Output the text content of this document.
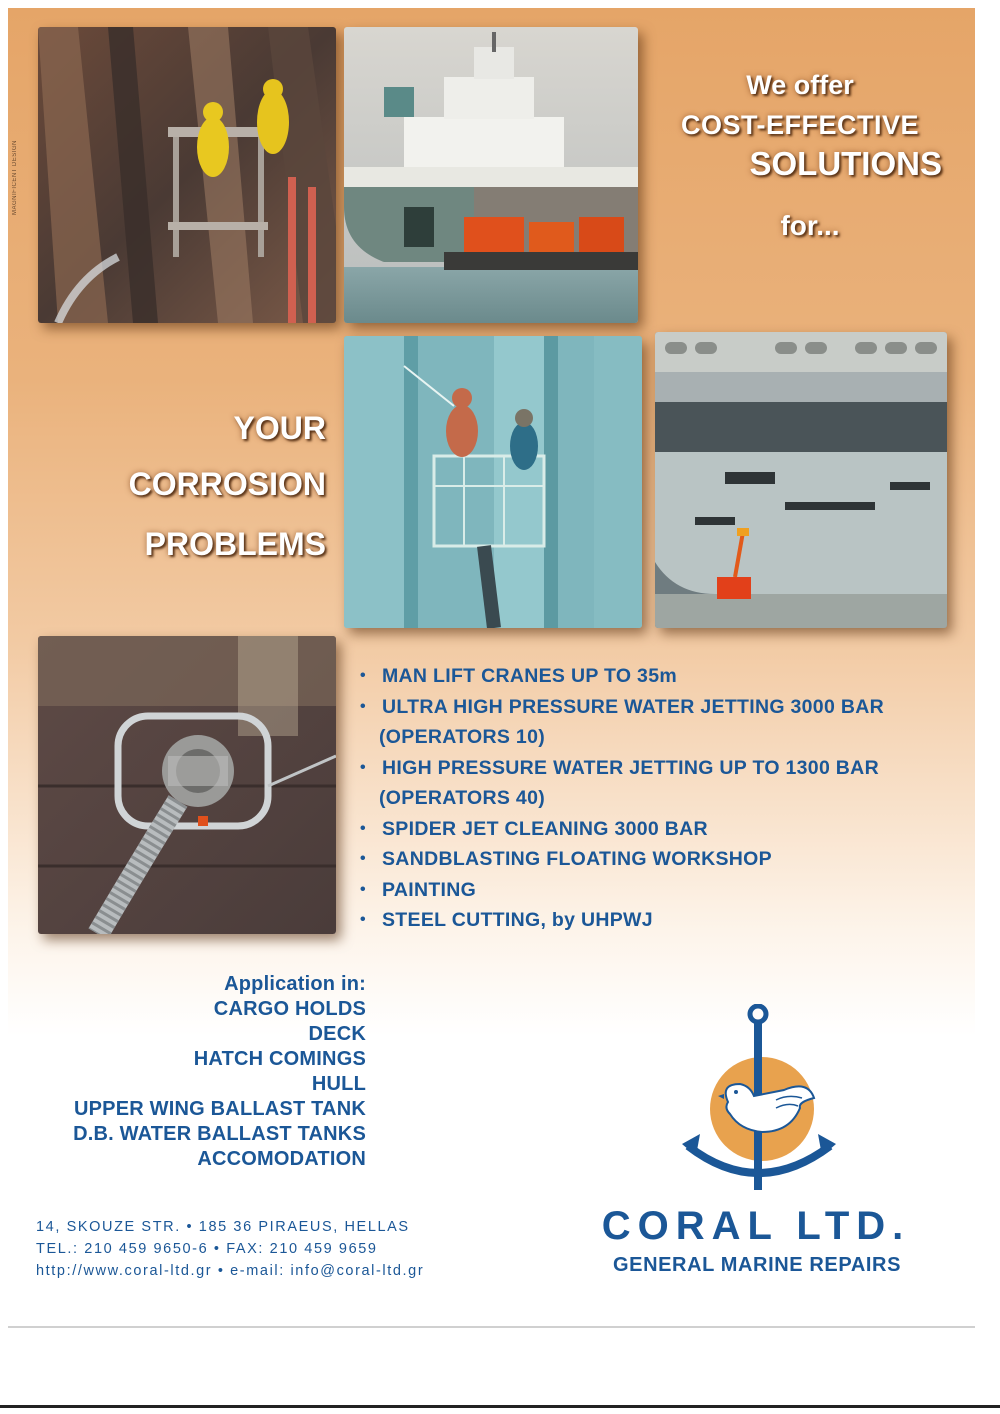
MAGNIFICENT DESIGN

We offer

COST-EFFECTIVE

SOLUTIONS

for...

YOUR

CORROSION

PROBLEMS

• MAN LIFT CRANES UP TO 35m
• ULTRA HIGH PRESSURE WATER JETTING 3000 BAR
(OPERATORS 10)
• HIGH PRESSURE WATER JETTING UP TO 1300 BAR
(OPERATORS 40)
• SPIDER JET CLEANING 3000 BAR
• SANDBLASTING FLOATING WORKSHOP
• PAINTING
• STEEL CUTTING, by UHPWJ
Application in:
CARGO HOLDS
DECK
HATCH COMINGS
HULL
UPPER WING BALLAST TANK
D.B. WATER BALLAST TANKS
ACCOMODATION
14, SKOUZE STR. • 185 36 PIRAEUS, HELLAS
TEL.: 210 459 9650-6 • FAX: 210 459 9659
http://www.coral-ltd.gr • e-mail: info@coral-ltd.gr

CORAL LTD.

GENERAL MARINE REPAIRS
